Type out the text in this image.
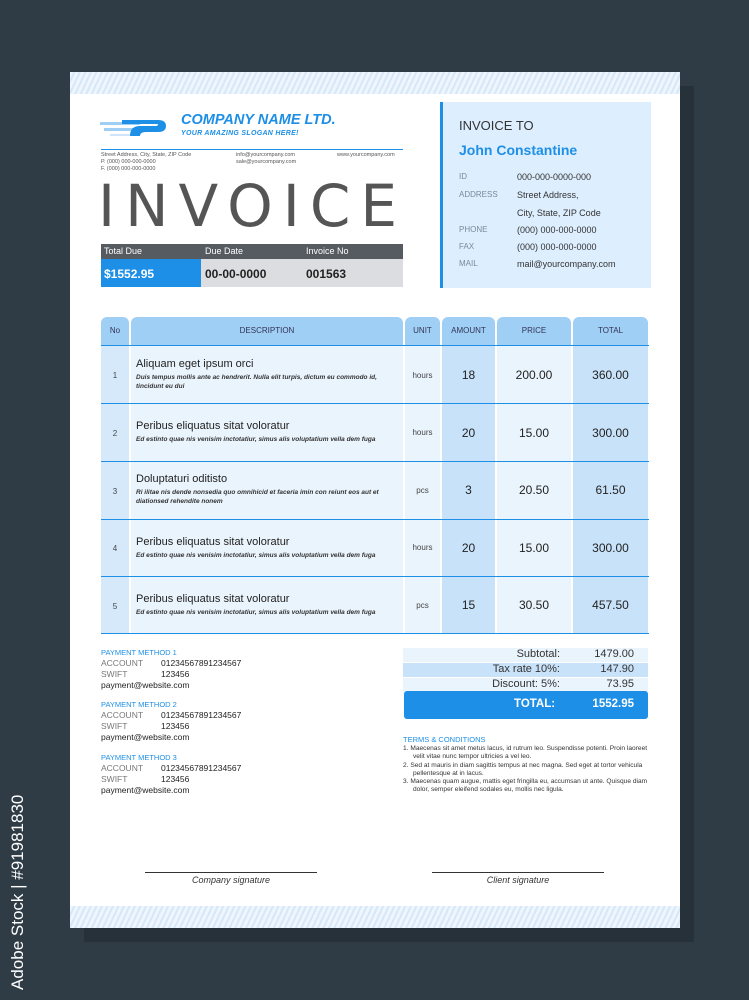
COMPANY NAME LTD.
YOUR AMAZING SLOGAN HERE!
Street Address, City, State, ZIP Code
P. (000) 000-000-0000
F. (000) 000-000-0000
info@yourcompany.com
sale@yourcompany.com
www.yourcompany.com
INVOICE
Total Due	Due Date	Invoice No
$1552.95	00-00-0000	001563
INVOICE TO
John Constantine
ID	000-000-0000-000
ADDRESS Street Address,
City, State, ZIP Code
PHONE	(000) 000-000-0000
FAX	(000) 000-000-0000
MAIL	mail@yourcompany.com
No	DESCRIPTION	UNIT	AMOUNT	PRICE	TOTAL
1
Aliquam eget ipsum orci
Duis tempus mollis ante ac hendrerit. Nulla elit turpis, dictum eu commodo id, tincidunt eu dui
hours	18	200.00	360.00
2
Peribus eliquatus sitat voloratur
Ed estinto quae nis venisim inctotatiur, simus alis voluptatium vella dem fuga
hours	20	15.00	300.00
3
Doluptaturi oditisto
Ri ilitae nis dende nonsedia quo omnihicid et faceria imin con reiunt eos aut et diationsed rehendite nonem
pcs	3	20.50	61.50
4
Peribus eliquatus sitat voloratur
Ed estinto quae nis venisim inctotatiur, simus alis voluptatium vella dem fuga
hours	20	15.00	300.00
5
Peribus eliquatus sitat voloratur
Ed estinto quae nis venisim inctotatiur, simus alis voluptatium vella dem fuga
pcs	15	30.50	457.50
PAYMENT METHOD 1
ACCOUNT 01234567891234567
SWIFT	123456
payment@website.com
PAYMENT METHOD 2
ACCOUNT 01234567891234567
SWIFT	123456
payment@website.com
PAYMENT METHOD 3
ACCOUNT 01234567891234567
SWIFT	123456
payment@website.com
Subtotal:	1479.00
Tax rate 10%:	147.90
Discount: 5%:	73.95
TOTAL:	1552.95
TERMS & CONDITIONS
1. Maecenas sit amet metus lacus, id rutrum leo. Suspendisse potenti. Proin laoreet velit vitae nunc tempor ultricies a vel leo.
2. Sed at mauris in diam sagittis tempus at nec magna. Sed eget at tortor vehicula pellentesque at in lacus.
3. Maecenas quam augue, mattis eget fringilla eu, accumsan ut ante. Quisque diam dolor, semper eleifend sodales eu, mollis nec ligula.
Company signature	Client signature
Adobe Stock | #91981830
